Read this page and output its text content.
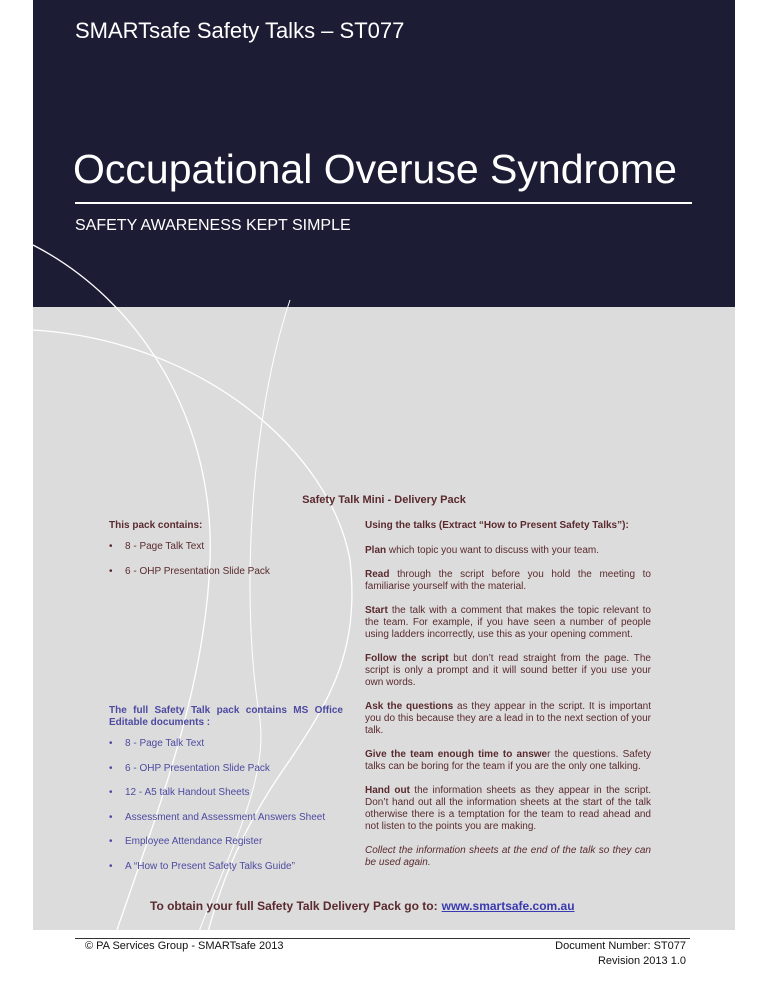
SMARTsafe Safety Talks – ST077
Occupational Overuse Syndrome
SAFETY AWARENESS KEPT SIMPLE
Safety Talk Mini - Delivery Pack
This pack contains:
• 8 - Page Talk Text
• 6 - OHP Presentation Slide Pack
The full Safety Talk pack contains MS Office Editable documents :
• 8 - Page Talk Text
• 6 - OHP Presentation Slide Pack
• 12 - A5 talk Handout Sheets
• Assessment and Assessment Answers Sheet
• Employee Attendance Register
• A “How to Present Safety Talks Guide”

Using the talks (Extract “How to Present Safety Talks”):

Plan which topic you want to discuss with your team.

Read through the script before you hold the meeting to familiarise yourself with the material.

Start the talk with a comment that makes the topic relevant to the team. For example, if you have seen a number of people using ladders incorrectly, use this as your opening comment.

Follow the script but don’t read straight from the page. The script is only a prompt and it will sound better if you use your own words.

Ask the questions as they appear in the script. It is important you do this because they are a lead in to the next section of your talk.

Give the team enough time to answer the questions. Safety talks can be boring for the team if you are the only one talking.

Hand out the information sheets as they appear in the script. Don’t hand out all the information sheets at the start of the talk otherwise there is a temptation for the team to read ahead and not listen to the points you are making.

Collect the information sheets at the end of the talk so they can be used again.

To obtain your full Safety Talk Delivery Pack go to: www.smartsafe.com.au
© PA Services Group - SMARTsafe 2013	Document Number: ST077
Revision 2013 1.0
